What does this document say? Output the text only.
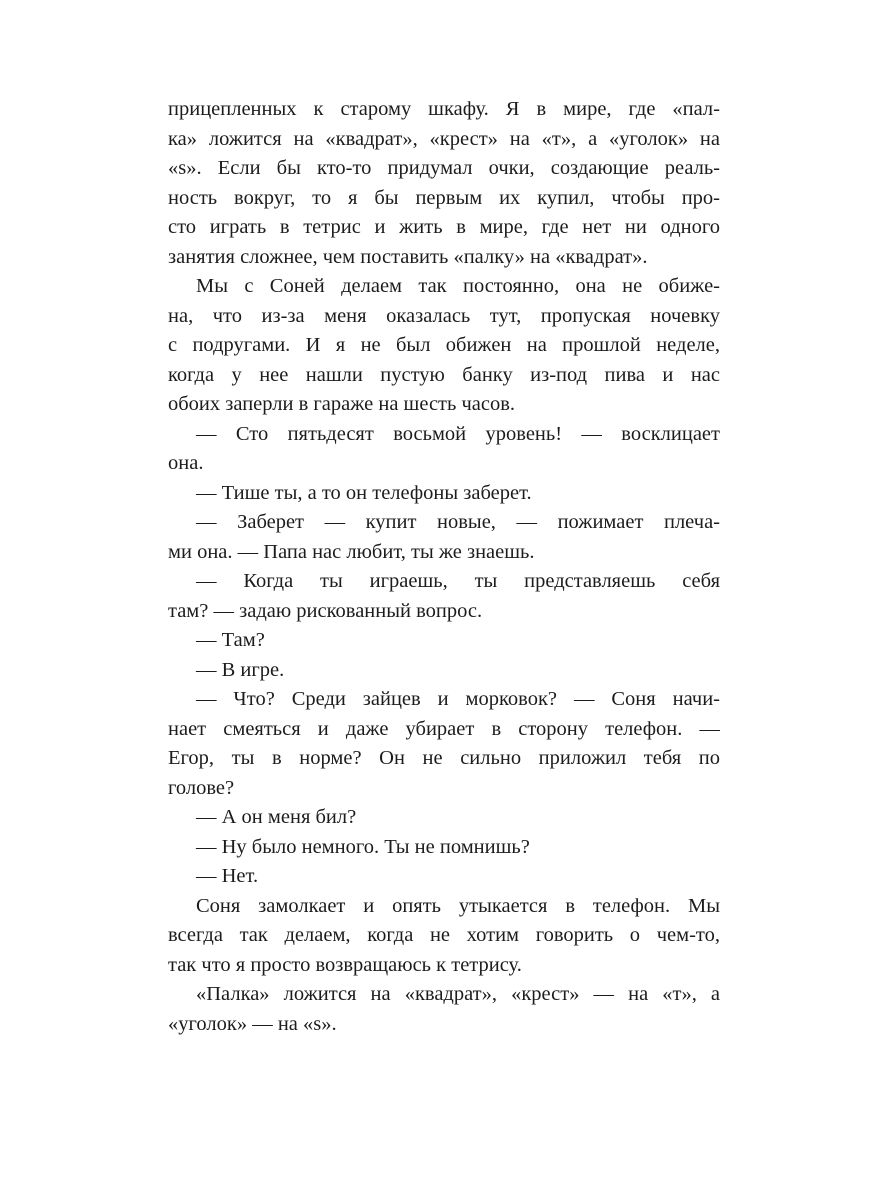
прицепленных к старому шкафу. Я в мире, где «пал-
ка» ложится на «квадрат», «крест» на «т», а «уголок» на
«s». Если бы кто-то придумал очки, создающие реаль-
ность вокруг, то я бы первым их купил, чтобы про-
сто играть в тетрис и жить в мире, где нет ни одного
занятия сложнее, чем поставить «палку» на «квадрат».
Мы с Соней делаем так постоянно, она не обиже-
на, что из-за меня оказалась тут, пропуская ночевку
с подругами. И я не был обижен на прошлой неделе,
когда у нее нашли пустую банку из-под пива и нас
обоих заперли в гараже на шесть часов.
— Сто пятьдесят восьмой уровень! — восклицает
она.
— Тише ты, а то он телефоны заберет.
— Заберет — купит новые, — пожимает плеча-
ми она. — Папа нас любит, ты же знаешь.
— Когда ты играешь, ты представляешь себя
там? — задаю рискованный вопрос.
— Там?
— В игре.
— Что? Среди зайцев и морковок? — Соня начи-
нает смеяться и даже убирает в сторону телефон. —
Егор, ты в норме? Он не сильно приложил тебя по
голове?
— А он меня бил?
— Ну было немного. Ты не помнишь?
— Нет.
Соня замолкает и опять утыкается в телефон. Мы
всегда так делаем, когда не хотим говорить о чем-то,
так что я просто возвращаюсь к тетрису.
«Палка» ложится на «квадрат», «крест» — на «т», а
«уголок» — на «s».
